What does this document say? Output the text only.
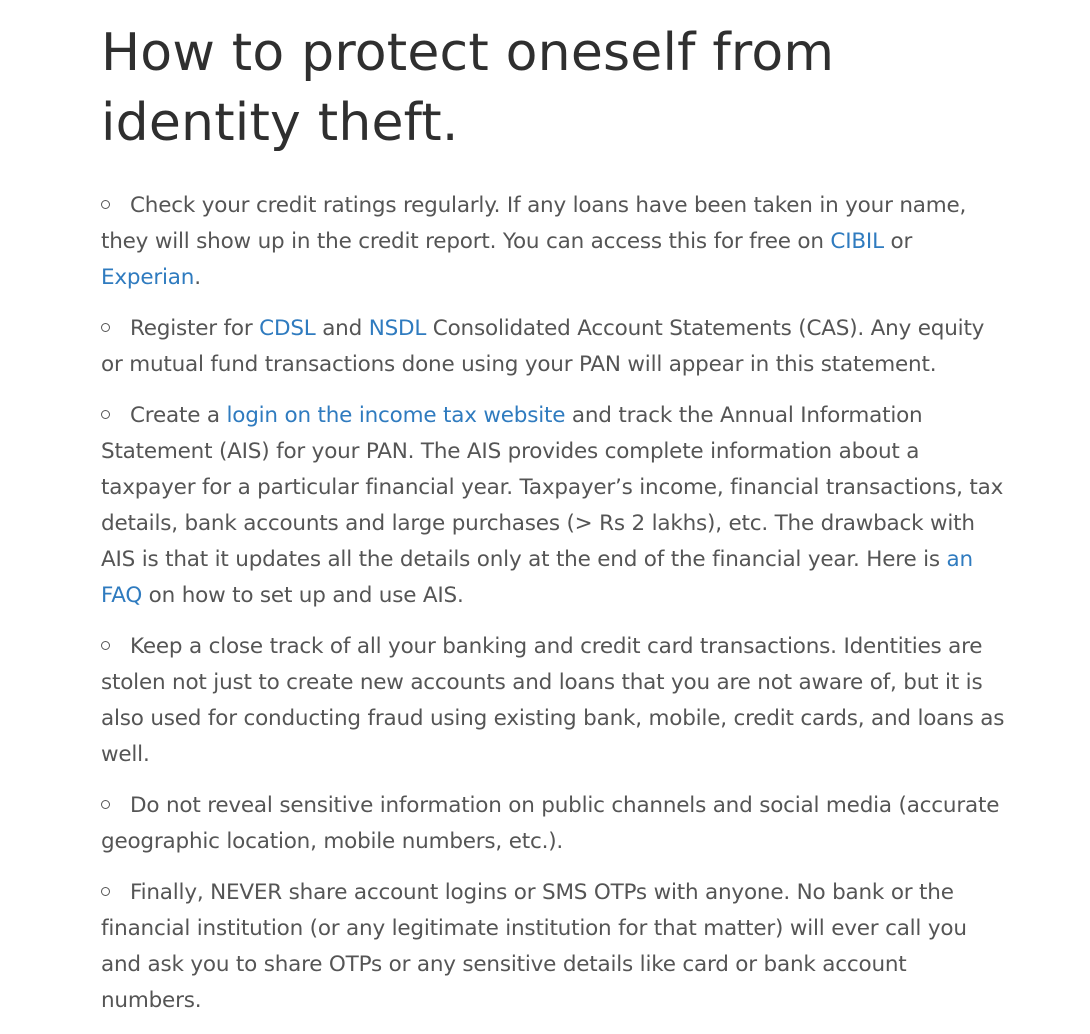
How to protect oneself from identity theft.
Check your credit ratings regularly. If any loans have been taken in your name, they will show up in the credit report. You can access this for free on CIBIL or Experian.
Register for CDSL and NSDL Consolidated Account Statements (CAS). Any equity or mutual fund transactions done using your PAN will appear in this statement.
Create a login on the income tax website and track the Annual Information Statement (AIS) for your PAN. The AIS provides complete information about a taxpayer for a particular financial year. Taxpayer’s income, financial transactions, tax details, bank accounts and large purchases (> Rs 2 lakhs), etc. The drawback with AIS is that it updates all the details only at the end of the financial year. Here is an FAQ on how to set up and use AIS.
Keep a close track of all your banking and credit card transactions. Identities are stolen not just to create new accounts and loans that you are not aware of, but it is also used for conducting fraud using existing bank, mobile, credit cards, and loans as well.
Do not reveal sensitive information on public channels and social media (accurate geographic location, mobile numbers, etc.).
Finally, NEVER share account logins or SMS OTPs with anyone. No bank or the financial institution (or any legitimate institution for that matter) will ever call you and ask you to share OTPs or any sensitive details like card or bank account numbers.
